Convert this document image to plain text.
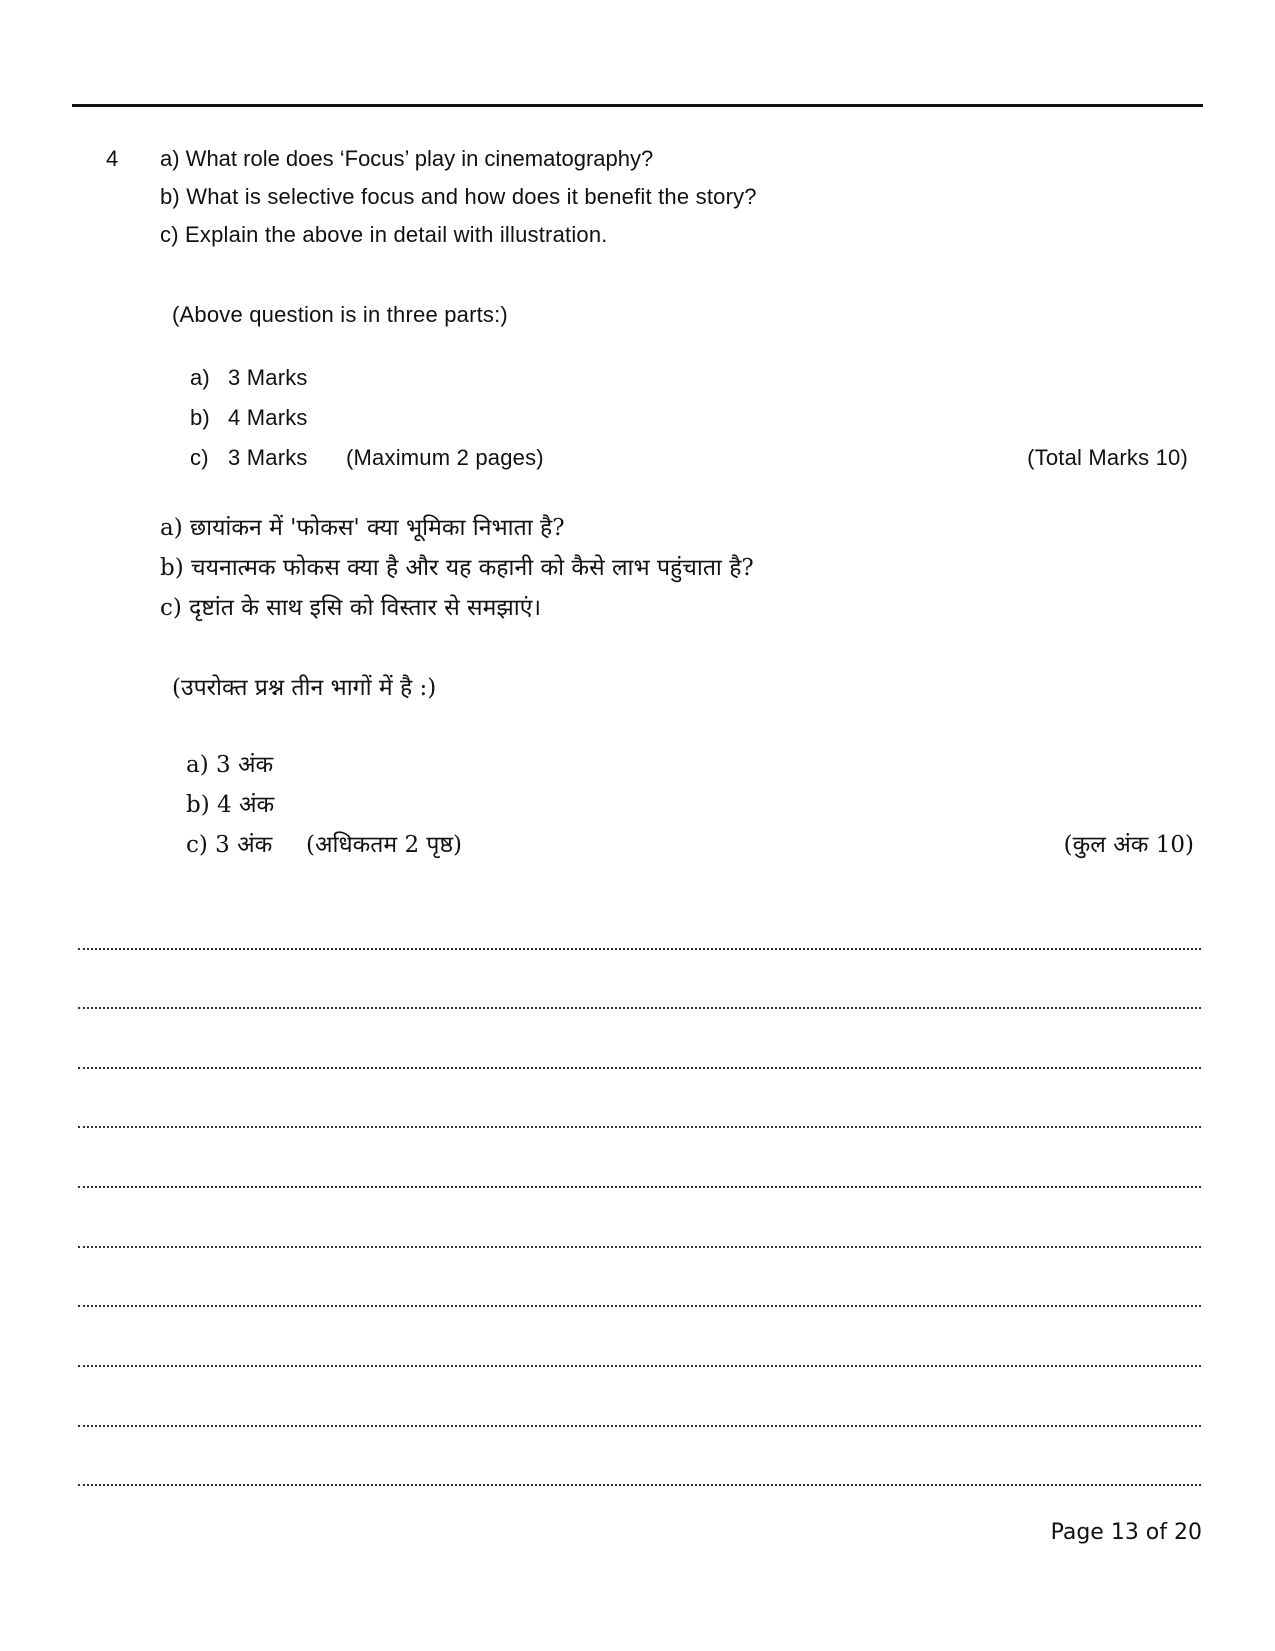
4 a) What role does ‘Focus’ play in cinematography?
b) What is selective focus and how does it benefit the story?
c) Explain the above in detail with illustration.
(Above question is in three parts:)
a) 3 Marks
b) 4 Marks
c) 3 Marks (Maximum 2 pages)	(Total Marks 10)
a) छायांकन में 'फोकस' क्या भूमिका निभाता है?
b) चयनात्मक फोकस क्या है और यह कहानी को कैसे लाभ पहुंचाता है?
c) दृष्टांत के साथ इसि को विस्तार से समझाएं।
(उपरोक्त प्रश्न तीन भागों में है :)
a) 3 अंक
b) 4 अंक
c) 3 अंक (अधिकतम 2 पृष्ठ)	(कुल अंक 10)
Page 13 of 20
